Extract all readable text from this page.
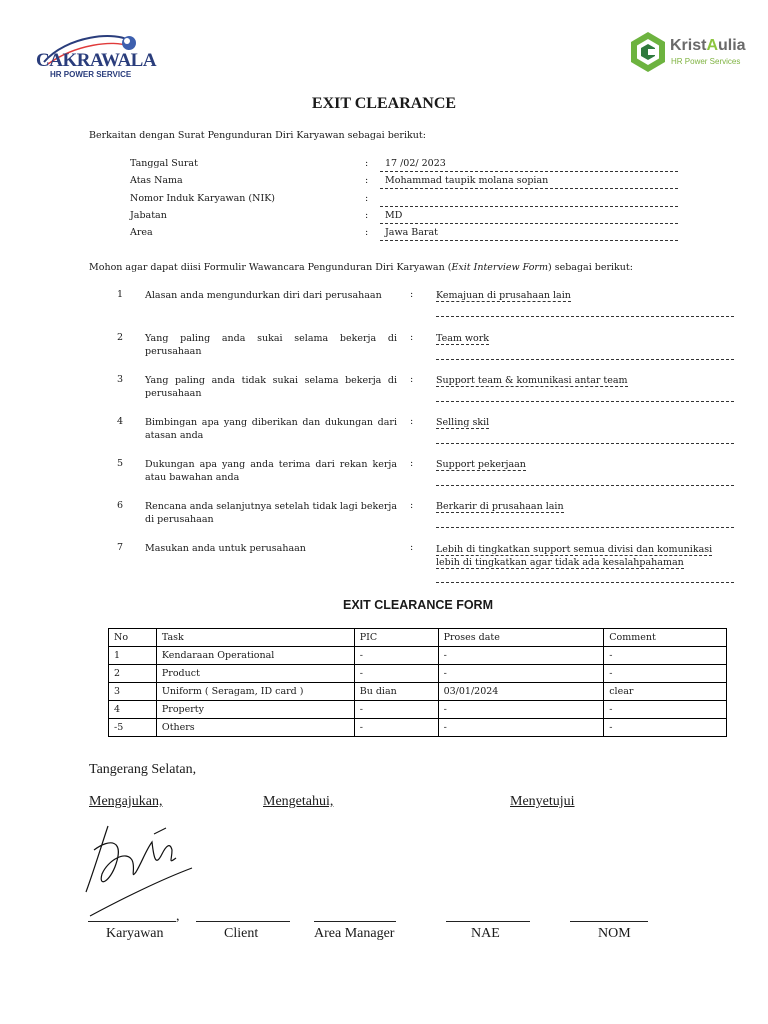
CAKRAWALA
HR POWER SERVICE
KristAulia
HR Power Services
EXIT CLEARANCE
Berkaitan dengan Surat Pengunduran Diri Karyawan sebagai berikut:
Tanggal Surat	:	17 /02/ 2023
Atas Nama	:	Mohammad taupik molana sopian
Nomor Induk Karyawan (NIK)	:
Jabatan	:	MD
Area	:	Jawa Barat
Mohon agar dapat diisi Formulir Wawancara Pengunduran Diri Karyawan (Exit Interview Form) sebagai berikut:
1 Alasan anda mengundurkan diri dari perusahaan	: Kemajuan di prusahaan lain
2 Yang paling anda sukai selama bekerja di perusahaan
: Team work
3 Yang paling anda tidak sukai selama bekerja di perusahaan
: Support team & komunikasi antar team
4 Bimbingan apa yang diberikan dan dukungan dari atasan anda
: Selling skil
5 Dukungan apa yang anda terima dari rekan kerja atau bawahan anda
: Support pekerjaan
6 Rencana anda selanjutnya setelah tidak lagi bekerja di perusahaan
: Berkarir di prusahaan lain
7 Masukan anda untuk perusahaan	: Lebih di tingkatkan support semua divisi dan komunikasi lebih di tingkatkan agar tidak ada kesalahpahaman
EXIT CLEARANCE FORM
No	Task	PIC	Proses date	Comment
1	Kendaraan Operational	-	-	-
2	Product	-	-	-
3	Uniform ( Seragam, ID card )	Bu dian	03/01/2024	clear
4	Property	-	-	-
-5	Others	-	-	-
Tangerang Selatan,
Mengajukan,	Mengetahui,	Menyetujui
,
Karyawan	Client	Area Manager	NAE	NOM
